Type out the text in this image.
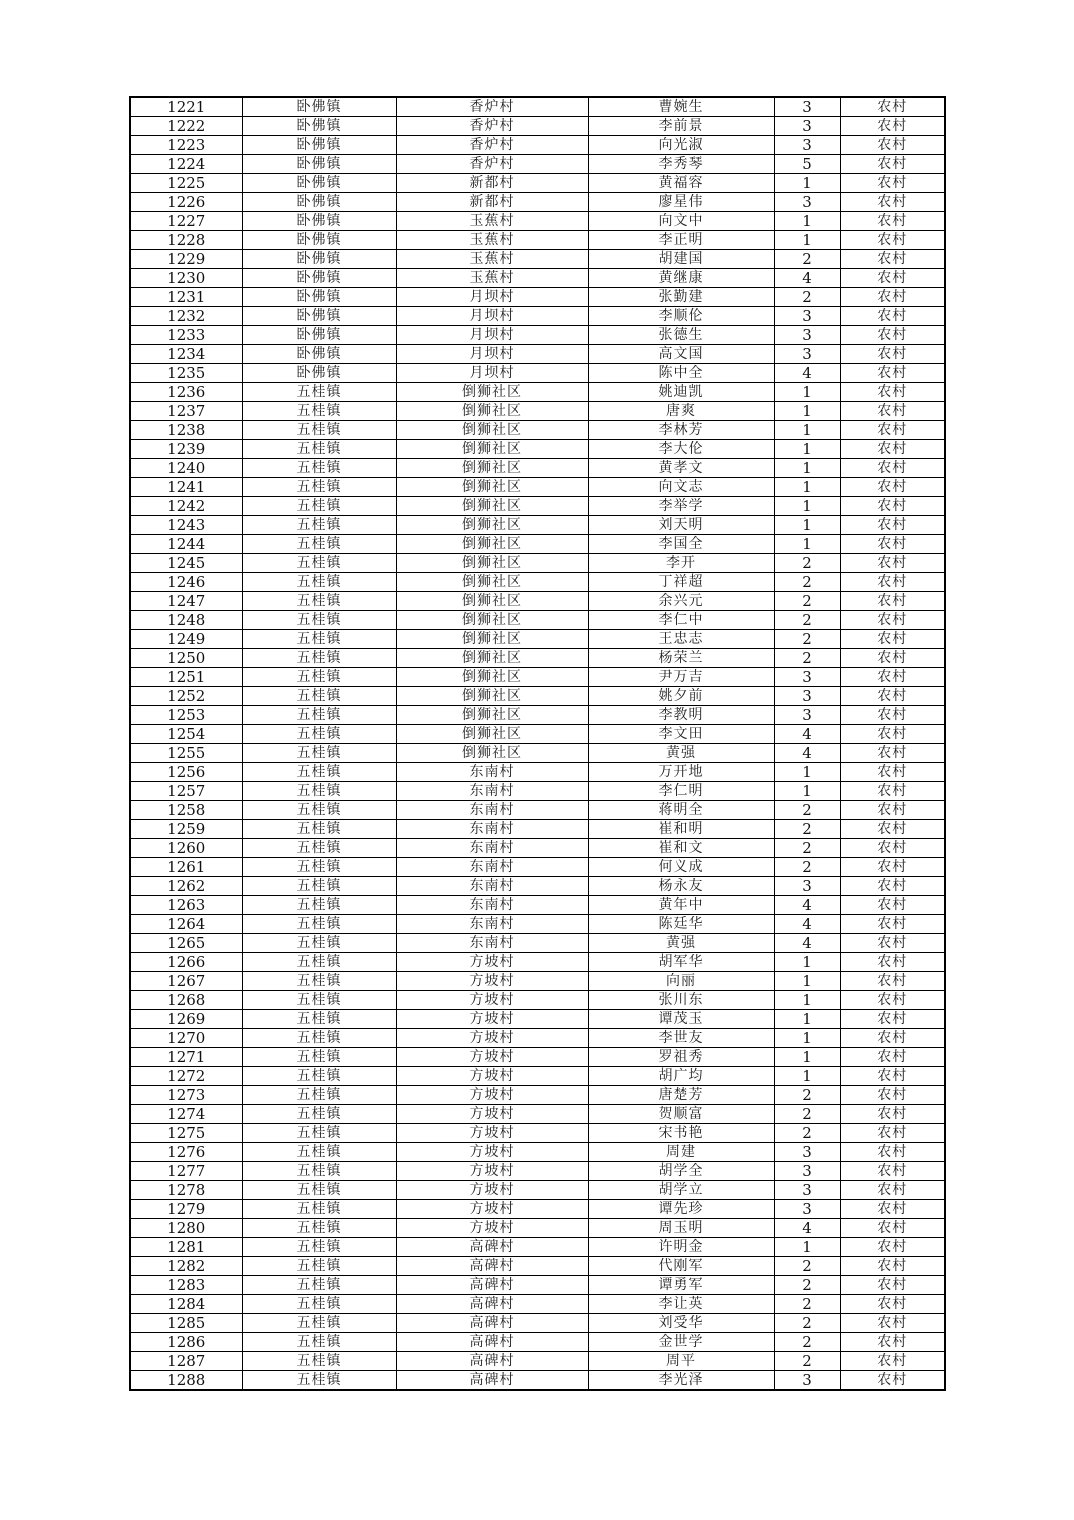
1221	卧佛镇	香炉村	曹婉生	3	农村
1222	卧佛镇	香炉村	李前景	3	农村
1223	卧佛镇	香炉村	向光淑	3	农村
1224	卧佛镇	香炉村	李秀琴	5	农村
1225	卧佛镇	新都村	黄福容	1	农村
1226	卧佛镇	新都村	廖星伟	3	农村
1227	卧佛镇	玉蕉村	向文中	1	农村
1228	卧佛镇	玉蕉村	李正明	1	农村
1229	卧佛镇	玉蕉村	胡建国	2	农村
1230	卧佛镇	玉蕉村	黄继康	4	农村
1231	卧佛镇	月坝村	张勤建	2	农村
1232	卧佛镇	月坝村	李顺伦	3	农村
1233	卧佛镇	月坝村	张德生	3	农村
1234	卧佛镇	月坝村	高文国	3	农村
1235	卧佛镇	月坝村	陈中全	4	农村
1236	五桂镇	倒狮社区	姚迪凯	1	农村
1237	五桂镇	倒狮社区	唐爽	1	农村
1238	五桂镇	倒狮社区	李林芳	1	农村
1239	五桂镇	倒狮社区	李大伦	1	农村
1240	五桂镇	倒狮社区	黄孝文	1	农村
1241	五桂镇	倒狮社区	向文志	1	农村
1242	五桂镇	倒狮社区	李举学	1	农村
1243	五桂镇	倒狮社区	刘天明	1	农村
1244	五桂镇	倒狮社区	李国全	1	农村
1245	五桂镇	倒狮社区	李开	2	农村
1246	五桂镇	倒狮社区	丁祥超	2	农村
1247	五桂镇	倒狮社区	余兴元	2	农村
1248	五桂镇	倒狮社区	李仁中	2	农村
1249	五桂镇	倒狮社区	王忠志	2	农村
1250	五桂镇	倒狮社区	杨荣兰	2	农村
1251	五桂镇	倒狮社区	尹万吉	3	农村
1252	五桂镇	倒狮社区	姚夕前	3	农村
1253	五桂镇	倒狮社区	李教明	3	农村
1254	五桂镇	倒狮社区	李文田	4	农村
1255	五桂镇	倒狮社区	黄强	4	农村
1256	五桂镇	东南村	万开地	1	农村
1257	五桂镇	东南村	李仁明	1	农村
1258	五桂镇	东南村	蒋明全	2	农村
1259	五桂镇	东南村	崔和明	2	农村
1260	五桂镇	东南村	崔和文	2	农村
1261	五桂镇	东南村	何义成	2	农村
1262	五桂镇	东南村	杨永友	3	农村
1263	五桂镇	东南村	黄年中	4	农村
1264	五桂镇	东南村	陈廷华	4	农村
1265	五桂镇	东南村	黄强	4	农村
1266	五桂镇	方坡村	胡军华	1	农村
1267	五桂镇	方坡村	向丽	1	农村
1268	五桂镇	方坡村	张川东	1	农村
1269	五桂镇	方坡村	谭茂玉	1	农村
1270	五桂镇	方坡村	李世友	1	农村
1271	五桂镇	方坡村	罗祖秀	1	农村
1272	五桂镇	方坡村	胡广均	1	农村
1273	五桂镇	方坡村	唐楚芳	2	农村
1274	五桂镇	方坡村	贺顺富	2	农村
1275	五桂镇	方坡村	宋书艳	2	农村
1276	五桂镇	方坡村	周建	3	农村
1277	五桂镇	方坡村	胡学全	3	农村
1278	五桂镇	方坡村	胡学立	3	农村
1279	五桂镇	方坡村	谭先珍	3	农村
1280	五桂镇	方坡村	周玉明	4	农村
1281	五桂镇	高碑村	许明金	1	农村
1282	五桂镇	高碑村	代刚军	2	农村
1283	五桂镇	高碑村	谭勇军	2	农村
1284	五桂镇	高碑村	李让英	2	农村
1285	五桂镇	高碑村	刘受华	2	农村
1286	五桂镇	高碑村	金世学	2	农村
1287	五桂镇	高碑村	周平	2	农村
1288	五桂镇	高碑村	李光泽	3	农村
